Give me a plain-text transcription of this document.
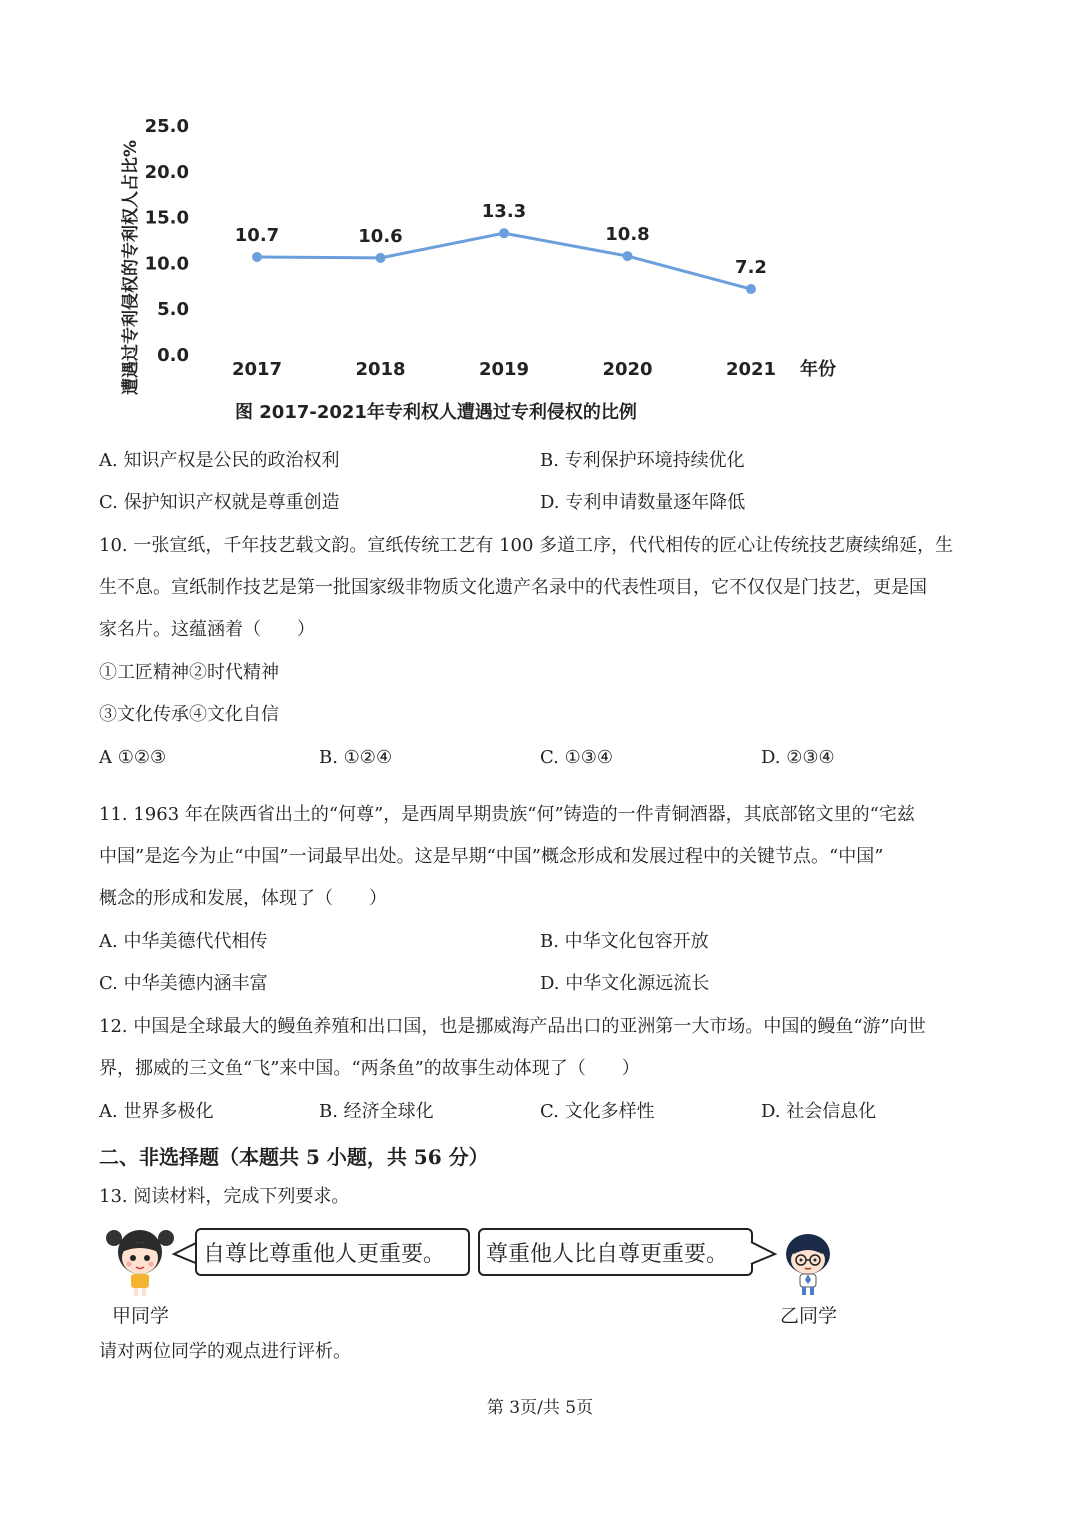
0.0
5.0
10.0
15.0
20.0
25.0
2017	2018	2019	2020	2021
10.7	10.6
13.3
10.8
7.2
年份
遭遇过专利侵权的专利权人占比%
图 2017-2021年专利权人遭遇过专利侵权的比例
A. 知识产权是公民的政治权利	B. 专利保护环境持续优化
C. 保护知识产权就是尊重创造	D. 专利申请数量逐年降低
10. 一张宣纸，千年技艺载文韵。宣纸传统工艺有 100 多道工序，代代相传的匠心让传统技艺赓续绵延，生
生不息。宣纸制作技艺是第一批国家级非物质文化遗产名录中的代表性项目，它不仅仅是门技艺，更是国
家名片。这蕴涵着（　　）
①工匠精神②时代精神
③文化传承④文化自信
A ①②③	B. ①②④	C. ①③④	D. ②③④
11. 1963 年在陕西省出土的“何尊”，是西周早期贵族“何”铸造的一件青铜酒器，其底部铭文里的“宅兹
中国”是迄今为止“中国”一词最早出处。这是早期“中国”概念形成和发展过程中的关键节点。“中国”
概念的形成和发展，体现了（　　）
A. 中华美德代代相传	B. 中华文化包容开放
C. 中华美德内涵丰富	D. 中华文化源远流长
12. 中国是全球最大的鳗鱼养殖和出口国，也是挪威海产品出口的亚洲第一大市场。中国的鳗鱼“游”向世
界，挪威的三文鱼“飞”来中国。“两条鱼”的故事生动体现了（　　）
A. 世界多极化	B. 经济全球化	C. 文化多样性	D. 社会信息化
二、非选择题（本题共 5 小题，共 56 分）
13. 阅读材料，完成下列要求。
自尊比尊重他人更重要。 尊重他人比自尊更重要。
甲同学	乙同学
请对两位同学的观点进行评析。
第 3页/共 5页
